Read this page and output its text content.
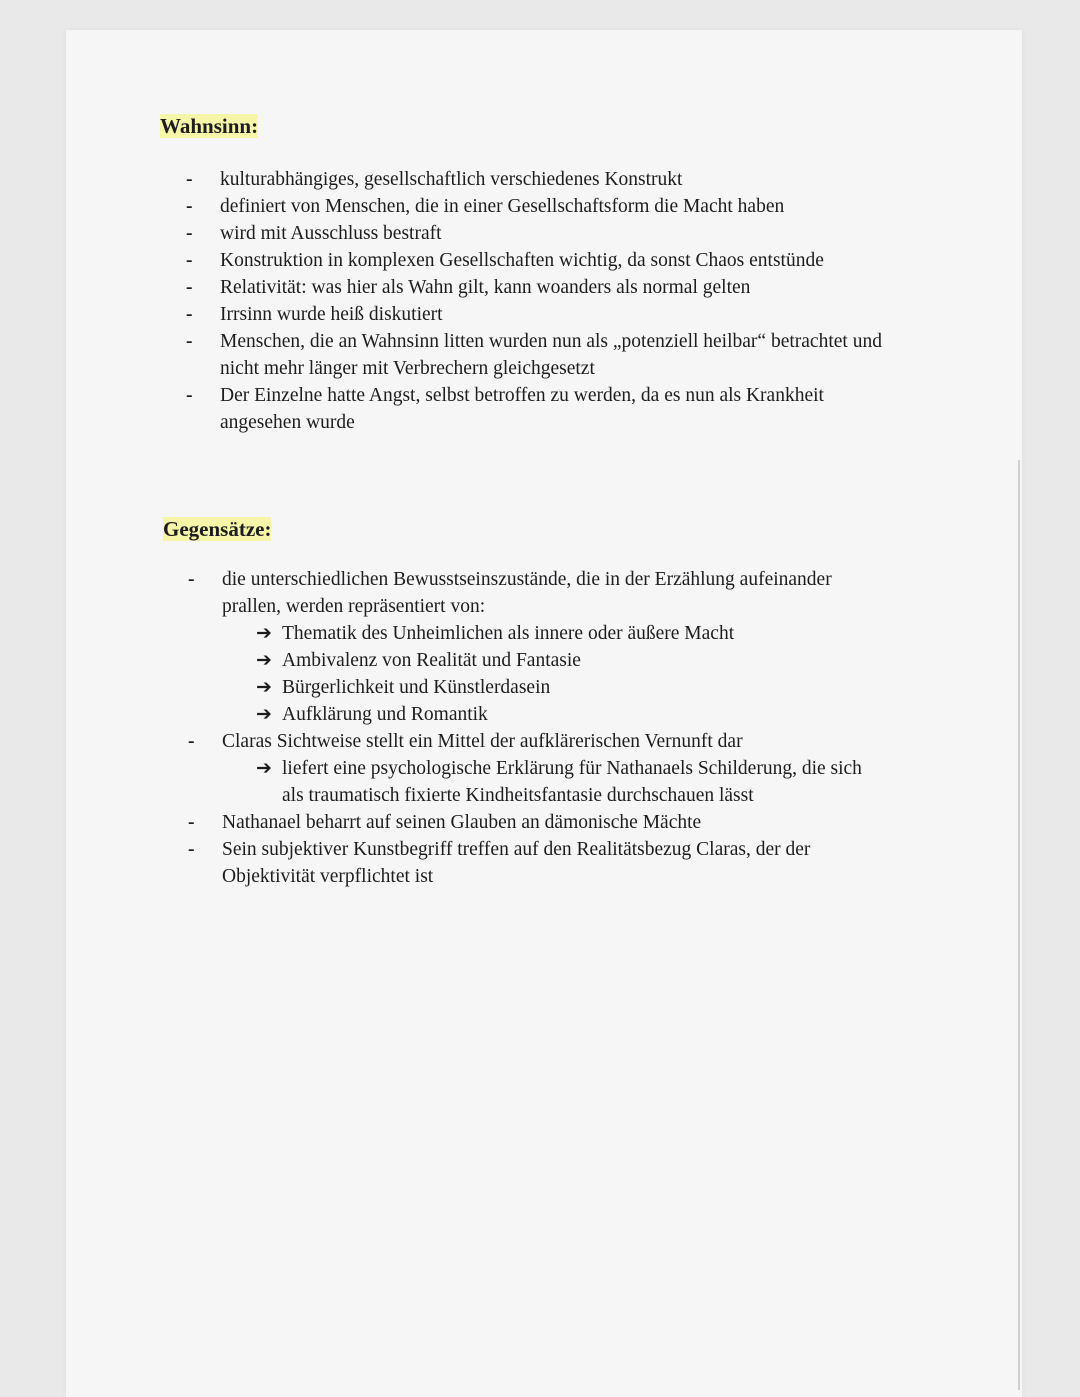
Wahnsinn:
- kulturabhängiges, gesellschaftlich verschiedenes Konstrukt
- definiert von Menschen, die in einer Gesellschaftsform die Macht haben
- wird mit Ausschluss bestraft
- Konstruktion in komplexen Gesellschaften wichtig, da sonst Chaos entstünde
- Relativität: was hier als Wahn gilt, kann woanders als normal gelten
- Irrsinn wurde heiß diskutiert
- Menschen, die an Wahnsinn litten wurden nun als „potenziell heilbar“ betrachtet und nicht mehr länger mit Verbrechern gleichgesetzt
- Der Einzelne hatte Angst, selbst betroffen zu werden, da es nun als Krankheit angesehen wurde
Gegensätze:
- die unterschiedlichen Bewusstseinszustände, die in der Erzählung aufeinander prallen, werden repräsentiert von:
➔ Thematik des Unheimlichen als innere oder äußere Macht
➔ Ambivalenz von Realität und Fantasie
➔ Bürgerlichkeit und Künstlerdasein
➔ Aufklärung und Romantik
- Claras Sichtweise stellt ein Mittel der aufklärerischen Vernunft dar
➔ liefert eine psychologische Erklärung für Nathanaels Schilderung, die sich als traumatisch fixierte Kindheitsfantasie durchschauen lässt
- Nathanael beharrt auf seinen Glauben an dämonische Mächte
- Sein subjektiver Kunstbegriff treffen auf den Realitätsbezug Claras, der der Objektivität verpflichtet ist
